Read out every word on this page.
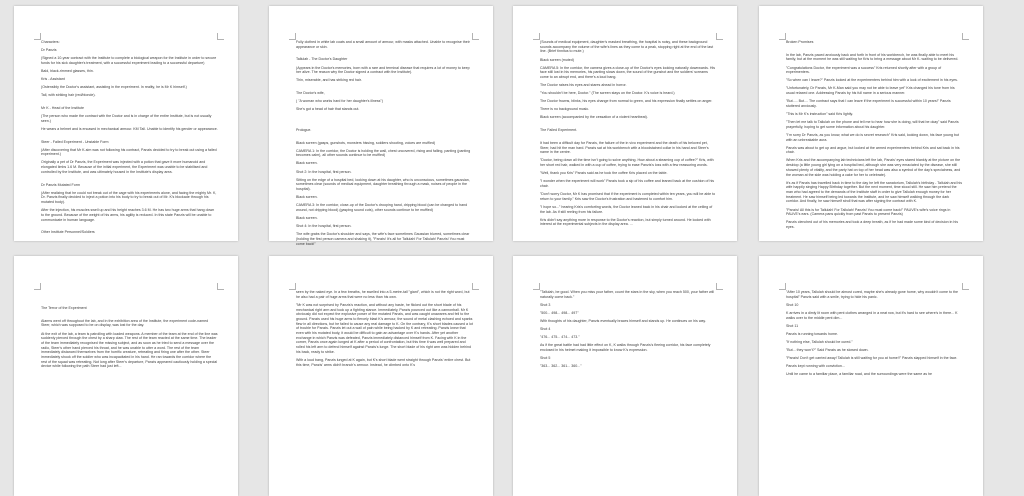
Characters:

Dr Panzis

(Signed a 10-year contract with the Institute to complete a biological weapon for the Institute in order to secure funds for his sick daughter's treatment, with a successful experiment leading to a successful departure)

Bald, black-rimmed glasses, thin.

Kris - Assistant

(Ostensibly the Doctor's assistant, assisting in the experiment. In reality, he is Mr K himself.)

Tall, with striking hair (red/blonde).

Mr K - Head of the Institute

(The person who made the contract with the Doctor and is in charge of the entire Institute, but is not usually seen.)

He wears a helmet and is encased in mechanical armour. KM Tall. Unable to identify his gender or appearance.

Steer - Failed Experiment - Unstable Form

(After discovering that Mr K-sim was not following his contract, Panzis decided to try to break out using a failed experiment.)

Originally a pet of Dr Panzis, the Experiment was injected with a potion that gave it more humanoid and elongated limbs 1.6 M. Because of the initial experiment, the Experiment was unable to be stabilised and controlled by the Institute, and was ultimately housed in the Institute's display area.

Dr Panzis Mutated Form

(After realizing that he could not break out of the cage with his experiments alone, and facing the mighty Mr. K, Dr. Panzis finally decided to inject a potion into his body to try to break out of Mr. K's blockade through his mutated body).

After the injection, his muscles swell up and his height reaches 3.6 M. He has two huge arms that hang down to the ground. Because of the weight of his arms, his agility is reduced. In this state Panzis will be unable to communicate in human language.

Other Institute Personnel/Soldiers

Fully clothed in white lab coats and a small amount of armour, with masks attached. Unable to recognise their appearance or skin.

Tallulah - The Doctor's Daughter

(Appears in the Doctor's memories, born with a rare and terminal disease that requires a lot of money to keep her alive. The reason why the Doctor signed a contract with the Institute).

Thin, miserable, and has striking red hair.

The Doctor's wife,

( "A woman who works hard for her daughter's illness")

She's got a head of hair that stands out.

Prologue.

Black screen (gasps, gunshots, monsters hissing, soldiers shooting, voices are muffled)

CAMERA 1: In the corridor, the Doctor is holding the wall, chest uncovered, rising and falling, panting (panting becomes calm), all other sounds continue to be muffled)

Black screen.

Shot 2: In the hospital, first person.

Sitting on the edge of a hospital bed, looking down at his daughter, who is unconscious, sometimes gaussian, sometimes clear (sounds of medical equipment, daughter breathing through a mask, noises of people in the hospital).

Black screen.

CAMERA 3: In the corridor, close-up of the Doctor's drooping hand, dripping blood (can be changed to hand wound, not dripping blood) (gasping sound cuts), other sounds continue to be muffled)

Black screen.

Shot 4: In the hospital, first person.

The wife grabs the Doctor's shoulder and says, the wife's face sometimes Gaussian blurred, sometimes clear (holding the first person camera and shaking it), "Panzis! It's all for Tallulah! For Tallulah! Panzis! You must come back!"

(Sounds of medical equipment, daughter's masked breathing, the hospital is noisy, and these background sounds accompany the volume of the wife's lines as they come to a peak, stopping right at the end of the last line. (Brief tinnitus to mute.)

Black screen (muted)

CAMERA 5: In the corridor, the camera gives a close-up of the Doctor's eyes looking naturally downwards. His face still lost in his memories, his panting slows down, the sound of the gunshot and the soldiers' screams come to an abrupt end, and there's a loud bang.

The Doctor raises his eyes and stares ahead in horror.

"You shouldn't be here, Doctor." (The screen stays on the Doctor. K's voice is heard.)

The Doctor frowns, blinks, his eyes change from normal to green, and his expression finally settles on anger.

There is no background music.

Black screen (accompanied by the cessation of a violent heartbeat).

The Failed Experiment.

It had been a difficult day for Panzis, the failure of the in vivo experiment and the death of his beloved pet, Steer, had hit the man hard. Panzis sat at his workbench with a bloodstained collar in his hand and Steer's name in the centre.

"Doctor, being down all the time isn't going to solve anything. How about a steaming cup of coffee?" Kris, with her short red hair, walked in with a cup of coffee, trying to ease Panzis's loss with a few reassuring words.

"Well, thank you Kris" Panzis said as he took the coffee Kris placed on the table.

"I wonder when the experiment will work" Panzis took a sip of his coffee and leaned back at the cushion of his chair.

"Don't worry Doctor, Mr K has promised that if the experiment is completed within ten years, you will be able to return to your family." Kris saw the Doctor's frustration and hastened to comfort him.

"I hope so..." hearing Kris's comforting words, the Doctor leaned back in his chair and looked at the ceiling of the lab. As if still reeling from his failure.

Kris didn't say anything more in response to the Doctor's reaction, but simply turned around. He looked with interest at the experimental subjects in the display area. ...

Broken Promises

In the lab, Panzis paced anxiously back and forth in front of his workbench, he was finally able to meet his family, but at the moment he was still waiting for Kris to bring a message about Mr K- waiting to be delivered.

"Congratulations Doctor, the experiment was a success" Kris returned shortly after with a group of experimenters.

"So when can I leave?" Panzis looked at the experimenters behind him with a look of excitement in his eyes.

"Unfortunately, Dr Panzis, Mr K-Man said you may not be able to leave yet" Kris changed his tone from his usual relaxed one. Addressing Panzis by his full name in a serious manner.

"But..... But.... The contract says that I can leave if the experiment is successful within 10 years!" Panzis stuttered anxiously.

"This is Mr K's instruction" said Kris lightly.

"Then let me talk to Tallulah on the phone and tell me to hear how she is doing, will that be okay" said Panzis prayerfully, hoping to get some information about his daughter.

"I'm sorry Dr Panzis, as you know, what we do is secret research" Kris said, looking down, his face young but with an unbreakable aura.

Panzis was about to get up and argue, but looked at the armed experimenters behind Kris and sat back in his chair.

When Kris and the accompanying lab technicians left the lab, Panzis' eyes stared blankly at the picture on the desktop (a little young girl lying on a hospital bed, although she was very emaciated by the disease, she still showed plenty of vitality, and the party hat on top of her head was also a symbol of the day's specialness, and the woman at the side was holding a cake for her to celebrate).

It's as if Panzis has travelled back in time to the day he left the sanatorium, Tallulah's birthday - Tallulah and his wife happily singing Happy Birthday together. But the next moment, time stood still. He saw him pretend the man who had agreed to the demands of the Institute staff in order to give Tallulah enough money for her treatment. He saw himself being led towards the Institute, and he saw himself walking through the dark corridor. And finally, he saw himself stroll that was after signing the contract with K.

"Panzis! All this is for Tallulah! For Tallulah! Panzis! You must come back!" PAUVE's wife's voice rings in PAUVE's ears. (Camera pans quickly from past Panzis to present Panzis)

Panzis clenched out of his memories and took a deep breath, as if he had made some kind of decision in his eyes.

The Terror of the Experiment

Alarms went off throughout the lab, and in the exhibition area of the Institute, the experiment code-named Steer, which was supposed to be on display, was lost for the day.

At the exit of the lab, a team is patrolling with loaded weapons. A member of the team at the end of the line was suddenly pierced through the chest by a sharp claw. The rest of the team reacted at the same time. The leader of the team immediately recognised the missing subject, and as soon as he tried to send a message over the radio, Steer's other hand pierced his throat, and he was unable to utter a word. The rest of the team immediately distanced themselves from the horrific creature, retreating and firing one after the other. Steer immediately shook off the soldier who was incapacitated in his hand. He ran towards the corridor where the rest of the squad was retreating. Not long after Steer's departure, Panzis appeared cautiously holding a special device while following the path Steer had just left...

seen by the naked eye. In a few breaths, he swelled into a 5-metre-tall "giant", which is not the right word, but he also had a pair of huge arms that were no less than his own.

"Mr K was not surprised by Panzis's reaction, and without any haste, he flicked out the short blade of his mechanical right arm and took up a fighting stance. Immediately, Panzis pounced out like a cannonball. Mr K obviously did not expect the explosive power of the mutated Panzis, and was caught unawares and fell to the ground. Panzis used his huge arms to fiercely blast K's armour, the sound of metal clashing echoed and sparks flew in all directions, but he failed to cause any real damage to K. On the contrary, K's short blades caused a lot of trouble for Panzis. Panzis let out a wail of pain while being hacked by K and retreating. Panzis knew that even with his mutated body, it would be difficult to gain an advantage over K's hands. After yet another exchange in which Panzis was defeated, Panzis immediately distanced himself from K. Facing with K in the corner, Panzis once again lunged at K after a period of confrontation, but this time it was well prepared and rolled his left arm to defend himself against Panzis's lunge. The short blade of his right arm was hidden behind his back, ready to strike.

With a loud bang, Panzis lunged at K again, but K's short blade went straight through Panzis' entire chest. But this time, Panzis' arms didn't branch's armour. Instead, he climbed onto K's

"Tallulah, be good. When you miss your father, count the stars in the sky, when you reach 500, your father will naturally come back."

Shot 3

"500... 498... 498... 497"

With thoughts of his daughter, Panzis eventually braces himself and stands up. He continues on his way.

Shot 4

"476... 475... 474... 473."

As if the great battle had had little effect on K, K walks through Panzis's fleeing corridor, his face completely enclosed in his helmet making it impossible to know K's expression.

Shot 5

"363... 362... 361... 360..."

"After 10 years, Tallulah should be almost cured, maybe she's already gone home, why wouldn't come to the hospital" Panzis said with a smile, trying to hide his panic.

Shot 10

K arrives in a dimly lit room with pent clothes arranged in a neat row, but it's hard to see where's in there... K walks over to the middle pent dim...

Shot 11

Panzis is running towards home.

"If nothing else, Tallulah should be cured."

"But... they won't?" Said Panzis as he slowed down.

"Panzis! Don't get carried away! Tallulah is still waiting for you at home!!" Panzis slapped himself in the face.

Panzis kept running with conviction...

Until he came to a familiar place, a familiar road, and the surroundings were the same as he
